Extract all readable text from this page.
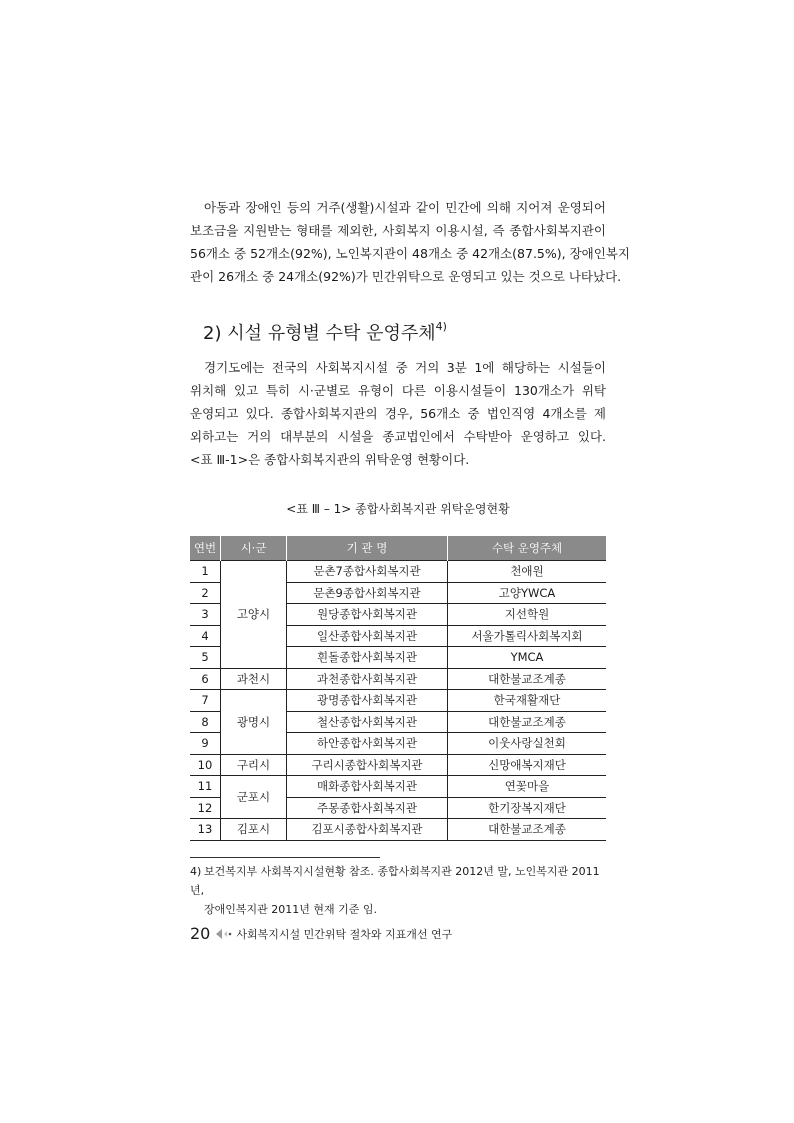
아동과 장애인 등의 거주(생활)시설과 같이 민간에 의해 지어져 운영되어
보조금을 지원받는 형태를 제외한, 사회복지 이용시설, 즉 종합사회복지관이
56개소 중 52개소(92%), 노인복지관이 48개소 중 42개소(87.5%), 장애인복지
관이 26개소 중 24개소(92%)가 민간위탁으로 운영되고 있는 것으로 나타났다.
2) 시설 유형별 수탁 운영주체$^{4)}$
경기도에는 전국의 사회복지시설 중 거의 3분 1에 해당하는 시설들이
위치해 있고 특히 시·군별로 유형이 다른 이용시설들이 130개소가 위탁
운영되고 있다. 종합사회복지관의 경우, 56개소 중 법인직영 4개소를 제
외하고는 거의 대부분의 시설을 종교법인에서 수탁받아 운영하고 있다.
<표 Ⅲ-1>은 종합사회복지관의 위탁운영 현황이다.
<표 Ⅲ – 1> 종합사회복지관 위탁운영현황
연번	시·군	기 관 명	수탁 운영주체
1	고양시	문촌7종합사회복지관	천애원
2		문촌9종합사회복지관	고양YWCA
3		원당종합사회복지관	지선학원
4		일산종합사회복지관	서울가톨릭사회복지회
5		흰돌종합사회복지관	YMCA
6	과천시	과천종합사회복지관	대한불교조계종
7	광명시	광명종합사회복지관	한국재활재단
8		철산종합사회복지관	대한불교조계종
9		하안종합사회복지관	이웃사랑실천회
10	구리시	구리시종합사회복지관	신망애복지재단
11	군포시	매화종합사회복지관	연꽃마을
12		주몽종합사회복지관	한기장복지재단
13	김포시	김포시종합사회복지관	대한불교조계종
4) 보건복지부 사회복지시설현황 참조. 종합사회복지관 2012년 말, 노인복지관 2011년,
장애인복지관 2011년 현재 기준 임.
20 사회복지시설 민간위탁 절차와 지표개선 연구
